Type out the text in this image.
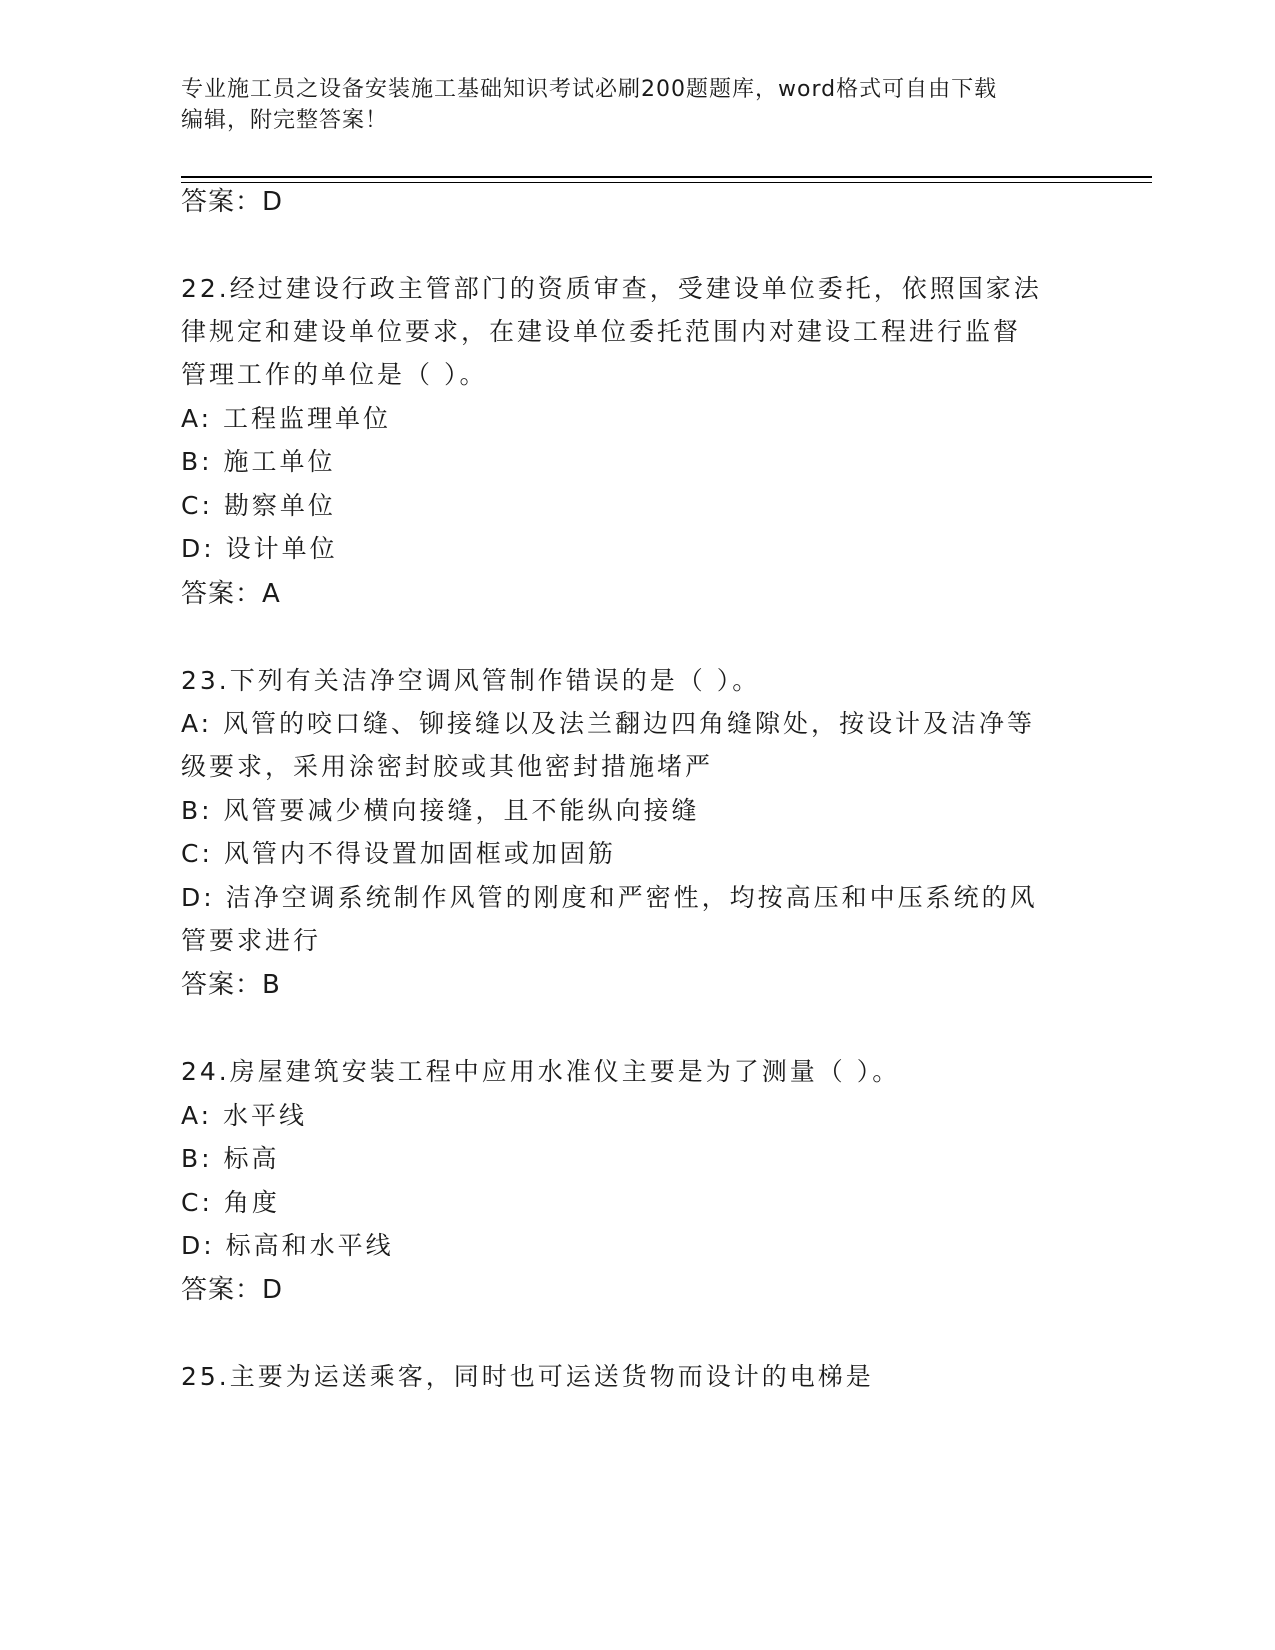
专业施工员之设备安装施工基础知识考试必刷200题题库，word格式可自由下载
编辑，附完整答案！
答案：D
22.经过建设行政主管部门的资质审查，受建设单位委托，依照国家法
律规定和建设单位要求，在建设单位委托范围内对建设工程进行监督
管理工作的单位是（ ）。
A: 工程监理单位
B: 施工单位
C: 勘察单位
D: 设计单位
答案：A
23.下列有关洁净空调风管制作错误的是（ ）。
A: 风管的咬口缝、铆接缝以及法兰翻边四角缝隙处，按设计及洁净等
级要求，采用涂密封胶或其他密封措施堵严
B: 风管要减少横向接缝，且不能纵向接缝
C: 风管内不得设置加固框或加固筋
D: 洁净空调系统制作风管的刚度和严密性，均按高压和中压系统的风
管要求进行
答案：B
24.房屋建筑安装工程中应用水准仪主要是为了测量（ ）。
A: 水平线
B: 标高
C: 角度
D: 标高和水平线
答案：D
25.主要为运送乘客，同时也可运送货物而设计的电梯是
